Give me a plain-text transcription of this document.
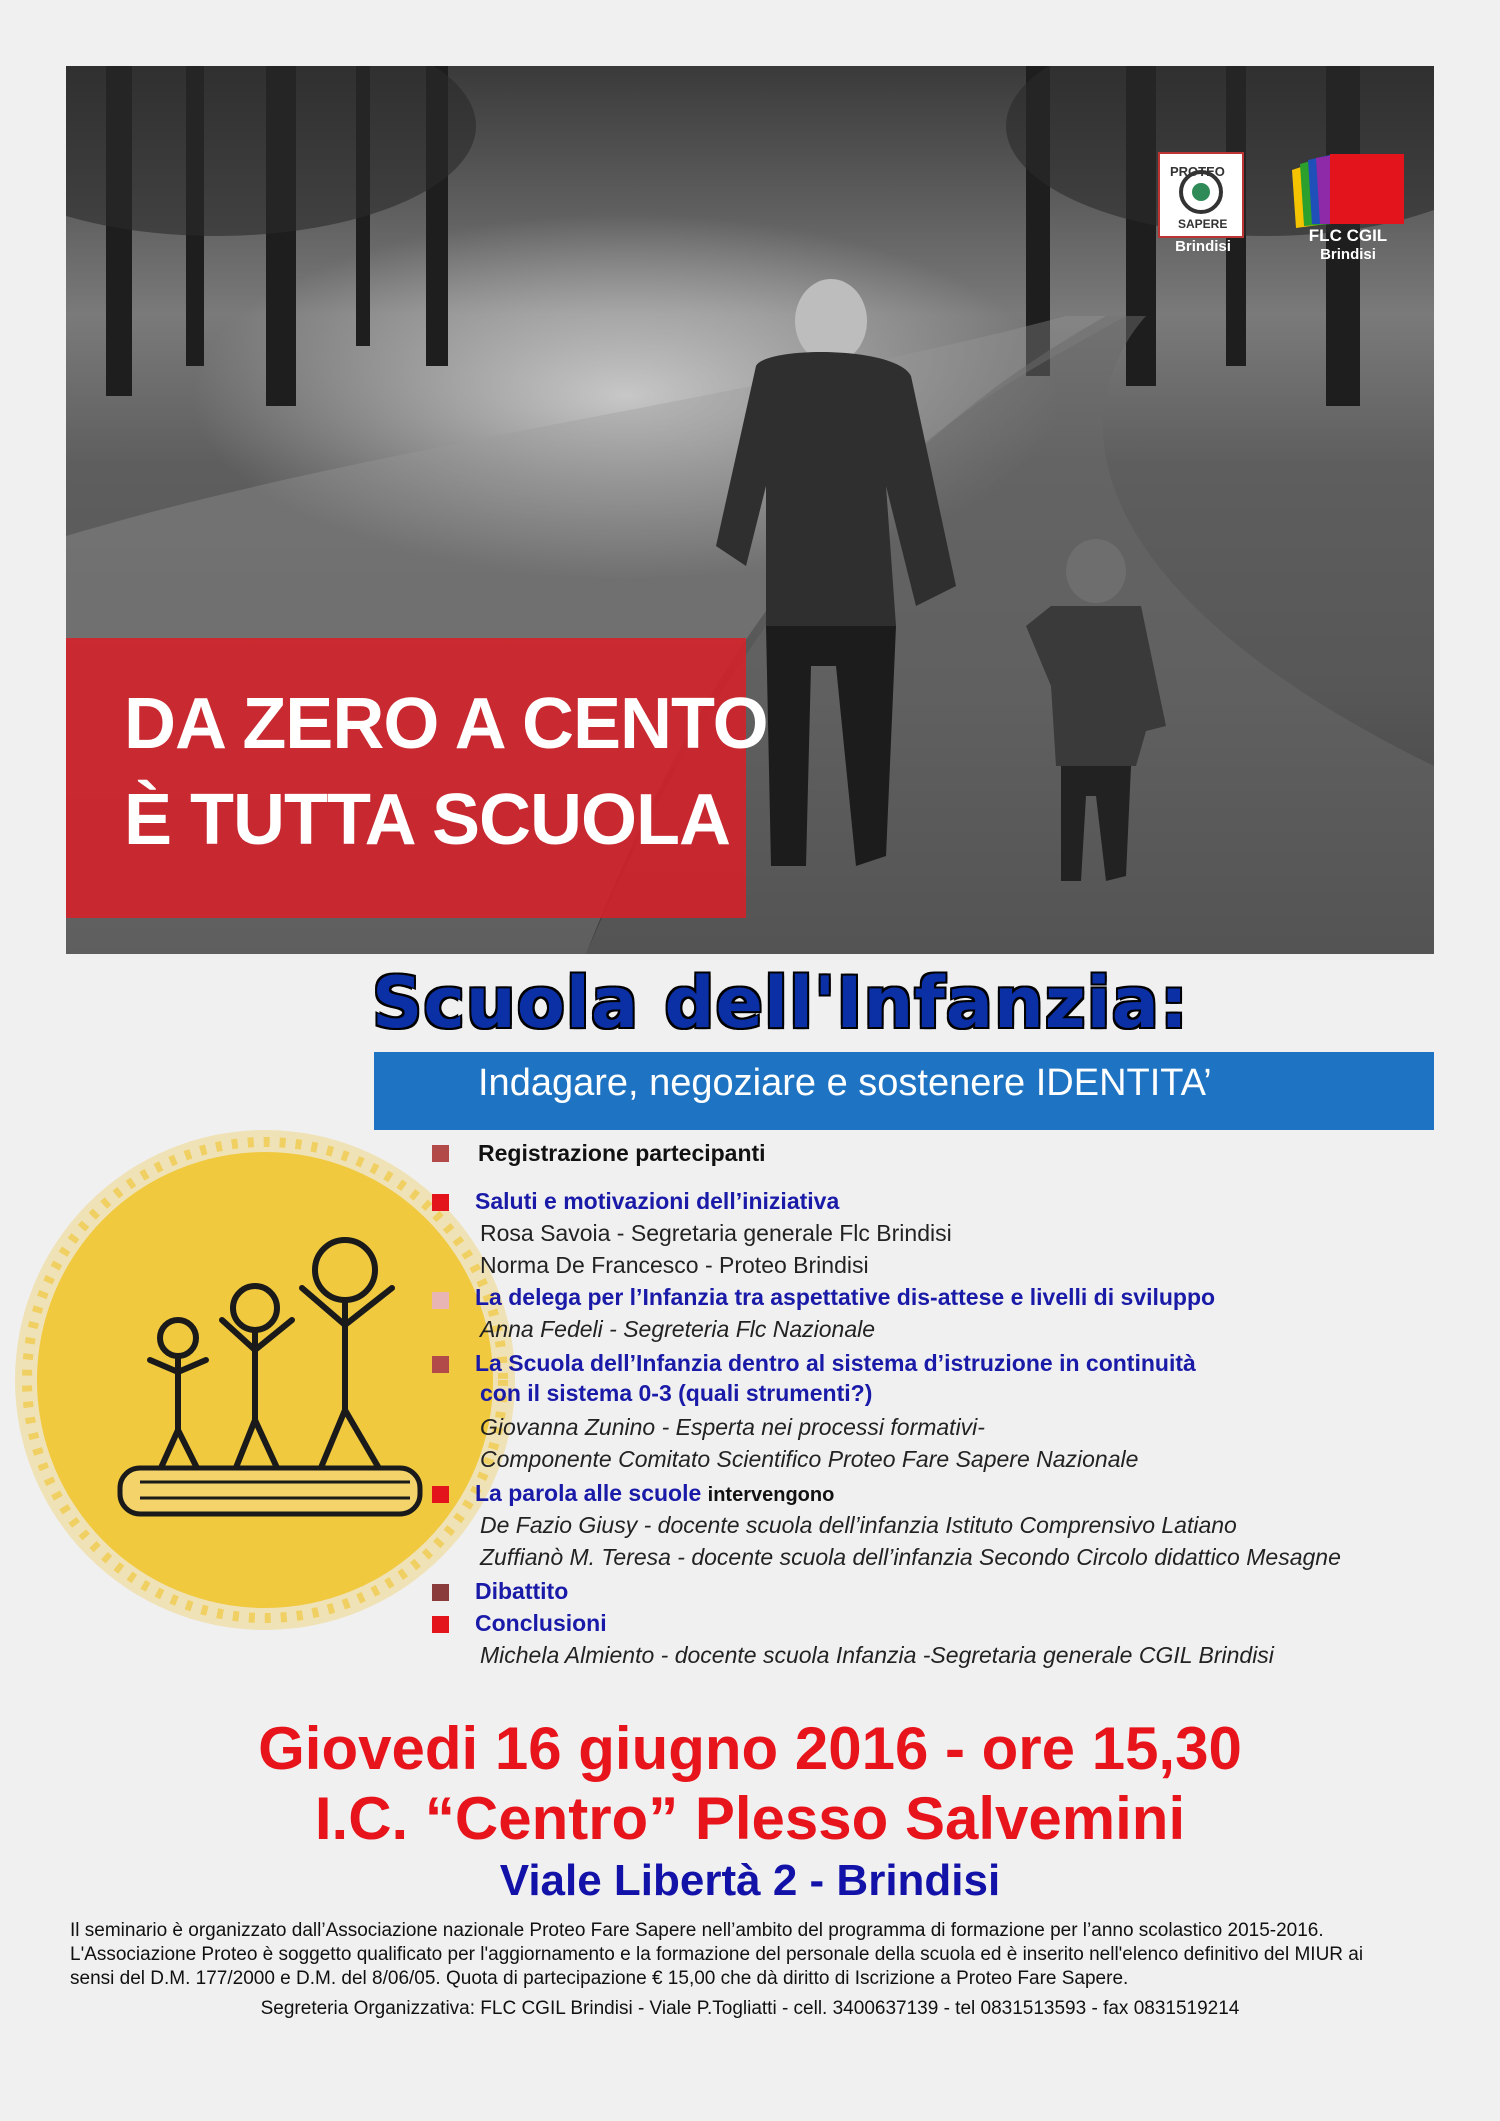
PROTEO
SAPERE
Brindisi
FLC CGIL
Brindisi
DA ZERO A CENTO
È TUTTA SCUOLA
Scuola dell'Infanzia:
Indagare, negoziare e sostenere IDENTITA’
Registrazione partecipanti
Saluti e motivazioni dell’iniziativa
Rosa Savoia - Segretaria generale Flc Brindisi
Norma De Francesco - Proteo Brindisi
La delega per l’Infanzia tra aspettative dis-attese e livelli di sviluppo
Anna Fedeli - Segreteria Flc Nazionale
La Scuola dell’Infanzia dentro al sistema d’istruzione in continuità
con il sistema 0-3 (quali strumenti?)
Giovanna Zunino - Esperta nei processi formativi-
Componente Comitato Scientifico Proteo Fare Sapere Nazionale
La parola alle scuole intervengono
De Fazio Giusy - docente scuola dell’infanzia Istituto Comprensivo Latiano
Zuffianò M. Teresa - docente scuola dell’infanzia Secondo Circolo didattico Mesagne
Dibattito
Conclusioni
Michela Almiento - docente scuola Infanzia -Segretaria generale CGIL Brindisi
Giovedi 16 giugno 2016 - ore 15,30
I.C. “Centro” Plesso Salvemini
Viale Libertà 2 - Brindisi
Il seminario è organizzato dall’Associazione nazionale Proteo Fare Sapere nell’ambito del programma di formazione per l’anno scolastico 2015-2016.
L'Associazione Proteo è soggetto qualificato per l'aggiornamento e la formazione del personale della scuola ed è inserito nell'elenco definitivo del MIUR ai
sensi del D.M. 177/2000 e D.M. del 8/06/05. Quota di partecipazione € 15,00 che dà diritto di Iscrizione a Proteo Fare Sapere.
Segreteria Organizzativa: FLC CGIL Brindisi - Viale P.Togliatti - cell. 3400637139 - tel 0831513593 - fax 0831519214
